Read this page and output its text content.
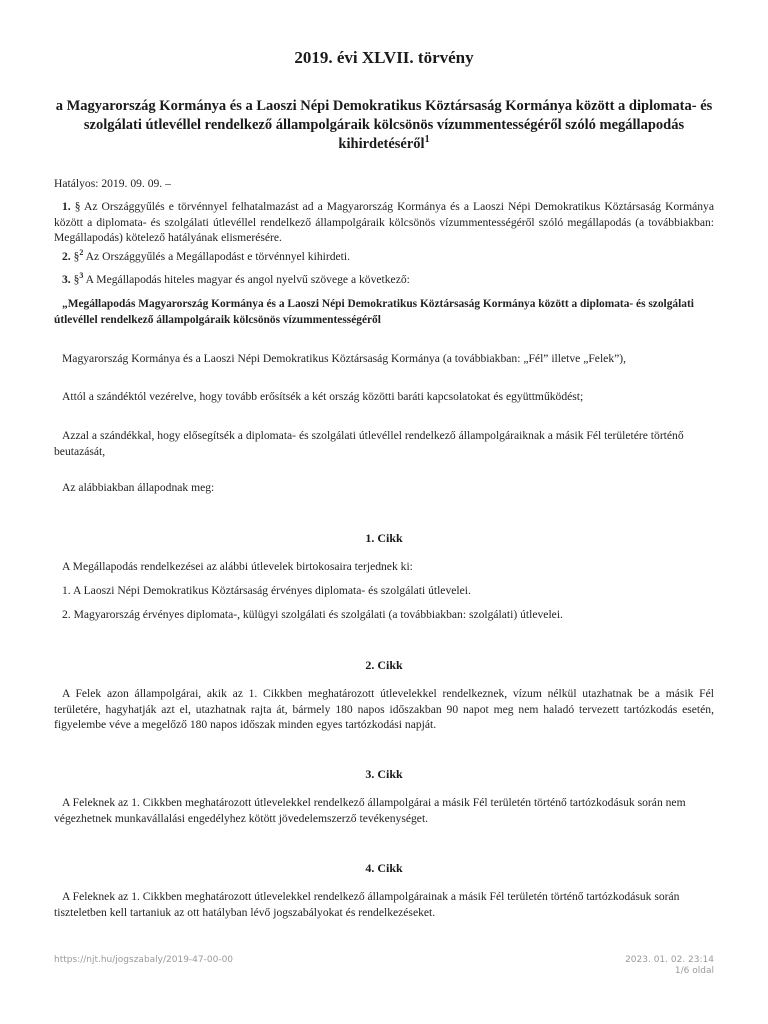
2019. évi XLVII. törvény
a Magyarország Kormánya és a Laoszi Népi Demokratikus Köztársaság Kormánya között a diplomata- és szolgálati útlevéllel rendelkező állampolgáraik kölcsönös vízummentességéről szóló megállapodás kihirdetéséről$^1$
Hatályos: 2019. 09. 09. –
1. § Az Országgyűlés e törvénnyel felhatalmazást ad a Magyarország Kormánya és a Laoszi Népi Demokratikus Köztársaság Kormánya között a diplomata- és szolgálati útlevéllel rendelkező állampolgáraik kölcsönös vízummentességéről szóló megállapodás (a továbbiakban: Megállapodás) kötelező hatályának elismerésére.
2. §$^2$ Az Országgyűlés a Megállapodást e törvénnyel kihirdeti.
3. §$^3$ A Megállapodás hiteles magyar és angol nyelvű szövege a következő:
„Megállapodás Magyarország Kormánya és a Laoszi Népi Demokratikus Köztársaság Kormánya között a diplomata- és szolgálati útlevéllel rendelkező állampolgáraik kölcsönös vízummentességéről
Magyarország Kormánya és a Laoszi Népi Demokratikus Köztársaság Kormánya (a továbbiakban: „Fél” illetve „Felek”),
Attól a szándéktól vezérelve, hogy tovább erősítsék a két ország közötti baráti kapcsolatokat és együttműködést;
Azzal a szándékkal, hogy elősegítsék a diplomata- és szolgálati útlevéllel rendelkező állampolgáraiknak a másik Fél területére történő beutazását,
Az alábbiakban állapodnak meg:
1. Cikk
A Megállapodás rendelkezései az alábbi útlevelek birtokosaira terjednek ki:
1. A Laoszi Népi Demokratikus Köztársaság érvényes diplomata- és szolgálati útlevelei.
2. Magyarország érvényes diplomata-, külügyi szolgálati és szolgálati (a továbbiakban: szolgálati) útlevelei.
2. Cikk
A Felek azon állampolgárai, akik az 1. Cikkben meghatározott útlevelekkel rendelkeznek, vízum nélkül utazhatnak be a másik Fél területére, hagyhatják azt el, utazhatnak rajta át, bármely 180 napos időszakban 90 napot meg nem haladó tervezett tartózkodás esetén, figyelembe véve a megelőző 180 napos időszak minden egyes tartózkodási napját.
3. Cikk
A Feleknek az 1. Cikkben meghatározott útlevelekkel rendelkező állampolgárai a másik Fél területén történő tartózkodásuk során nem végezhetnek munkavállalási engedélyhez kötött jövedelemszerző tevékenységet.
4. Cikk
A Feleknek az 1. Cikkben meghatározott útlevelekkel rendelkező állampolgárainak a másik Fél területén történő tartózkodásuk során tiszteletben kell tartaniuk az ott hatályban lévő jogszabályokat és rendelkezéseket.
https://njt.hu/jogszabaly/2019-47-00-00	2023. 01. 02. 23:14
1/6 oldal
